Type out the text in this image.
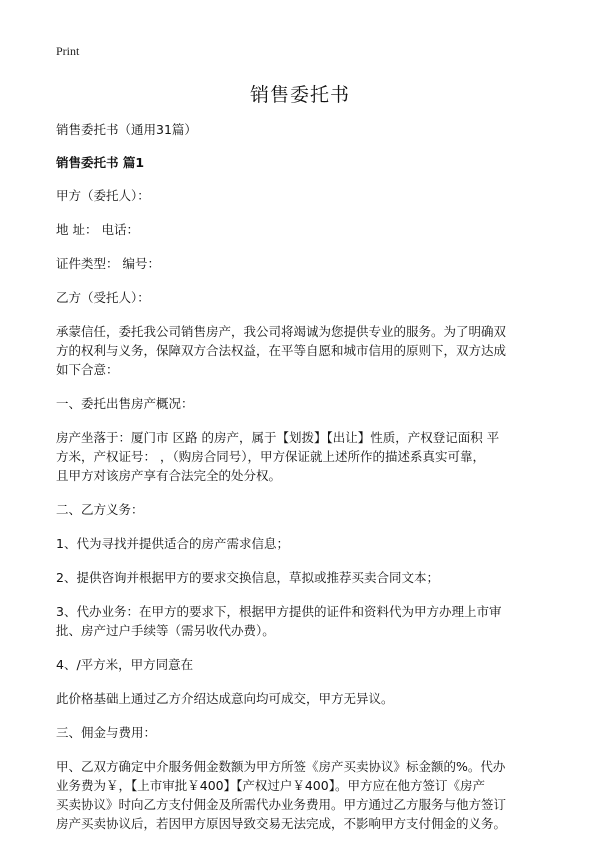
Print
销售委托书
销售委托书（通用31篇）
销售委托书 篇1
甲方（委托人）：
地 址： 电话：
证件类型： 编号：
乙方（受托人）：
承蒙信任，委托我公司销售房产，我公司将竭诚为您提供专业的服务。为了明确双
方的权利与义务，保障双方合法权益，在平等自愿和城市信用的原则下，双方达成
如下合意：
一、委托出售房产概况：
房产坐落于：厦门市 区路 的房产，属于【划拨】【出让】性质，产权登记面积 平
方米，产权证号： ，（购房合同号），甲方保证就上述所作的描述系真实可靠，
且甲方对该房产享有合法完全的处分权。
二、乙方义务：
1、代为寻找并提供适合的房产需求信息；
2、提供咨询并根据甲方的要求交换信息，草拟或推荐买卖合同文本；
3、代办业务：在甲方的要求下，根据甲方提供的证件和资料代为甲方办理上市审
批、房产过户手续等（需另收代办费）。
4、/平方米，甲方同意在
此价格基础上通过乙方介绍达成意向均可成交，甲方无异议。
三、佣金与费用：
甲、乙双方确定中介服务佣金数额为甲方所签《房产买卖协议》标金额的%。代办
业务费为￥，【上市审批￥400】【产权过户￥400】。甲方应在他方签订《房产
买卖协议》时向乙方支付佣金及所需代办业务费用。甲方通过乙方服务与他方签订
房产买卖协议后，若因甲方原因导致交易无法完成，不影响甲方支付佣金的义务。
